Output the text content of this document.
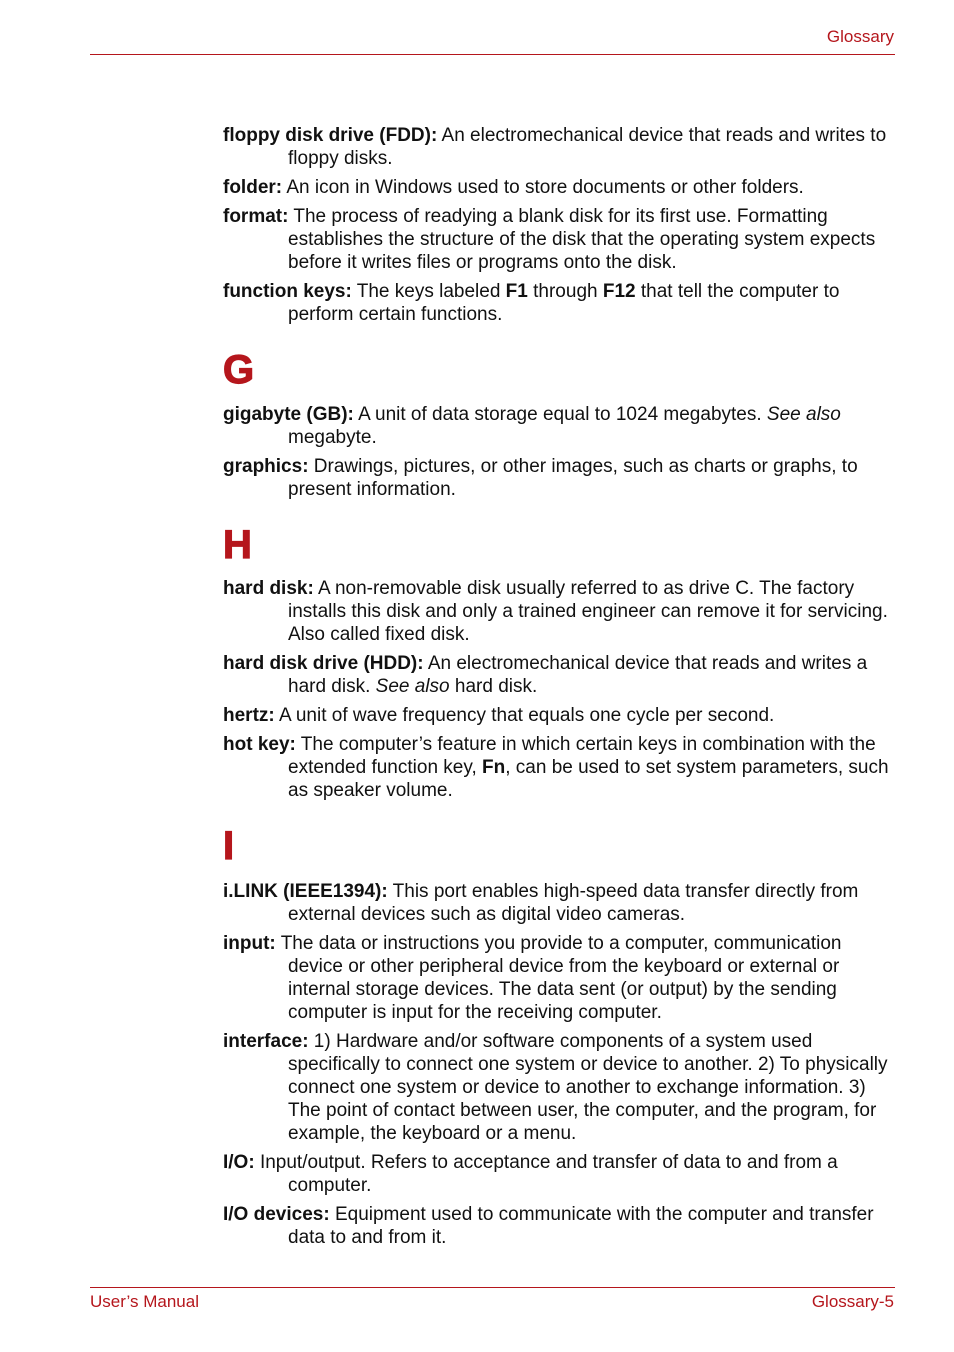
Glossary

floppy disk drive (FDD): An electromechanical device that reads and writes to floppy disks.

folder: An icon in Windows used to store documents or other folders.

format: The process of readying a blank disk for its first use. Formatting establishes the structure of the disk that the operating system expects before it writes files or programs onto the disk.

function keys: The keys labeled F1 through F12 that tell the computer to perform certain functions.

G

gigabyte (GB): A unit of data storage equal to 1024 megabytes. See also megabyte.

graphics: Drawings, pictures, or other images, such as charts or graphs, to present information.

H

hard disk: A non-removable disk usually referred to as drive C. The factory installs this disk and only a trained engineer can remove it for servicing. Also called fixed disk.

hard disk drive (HDD): An electromechanical device that reads and writes a hard disk. See also hard disk.

hertz: A unit of wave frequency that equals one cycle per second.

hot key: The computer’s feature in which certain keys in combination with the extended function key, Fn, can be used to set system parameters, such as speaker volume.

I

i.LINK (IEEE1394): This port enables high-speed data transfer directly from external devices such as digital video cameras.

input: The data or instructions you provide to a computer, communication device or other peripheral device from the keyboard or external or internal storage devices. The data sent (or output) by the sending computer is input for the receiving computer.

interface: 1) Hardware and/or software components of a system used specifically to connect one system or device to another. 2) To physically connect one system or device to another to exchange information. 3) The point of contact between user, the computer, and the program, for example, the keyboard or a menu.

I/O: Input/output. Refers to acceptance and transfer of data to and from a computer.

I/O devices: Equipment used to communicate with the computer and transfer data to and from it.

User’s Manual	Glossary-5
